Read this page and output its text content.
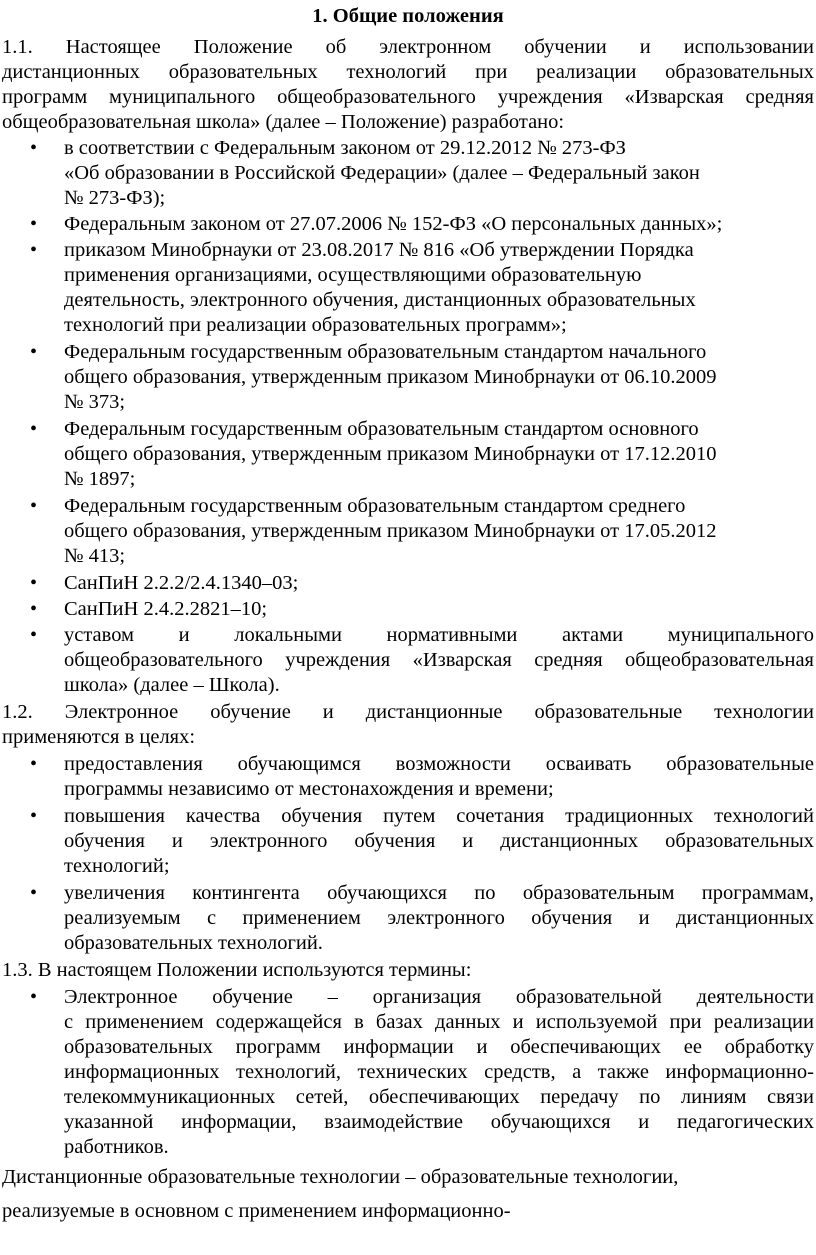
1. Общие положения
1.1. Настоящее Положение об электронном обучении и использовании
дистанционных образовательных технологий при реализации образовательных
программ муниципального общеобразовательного учреждения «Изварская средняя
общеобразовательная школа» (далее – Положение) разработано:
• в соответствии с Федеральным законом от 29.12.2012 № 273-ФЗ
«Об образовании в Российской Федерации» (далее – Федеральный закон
№ 273-ФЗ);
• Федеральным законом от 27.07.2006 № 152-ФЗ «О персональных данных»;
• приказом Минобрнауки от 23.08.2017 № 816 «Об утверждении Порядка
применения организациями, осуществляющими образовательную
деятельность, электронного обучения, дистанционных образовательных
технологий при реализации образовательных программ»;
• Федеральным государственным образовательным стандартом начального
общего образования, утвержденным приказом Минобрнауки от 06.10.2009
№ 373;
• Федеральным государственным образовательным стандартом основного
общего образования, утвержденным приказом Минобрнауки от 17.12.2010
№ 1897;
• Федеральным государственным образовательным стандартом среднего
общего образования, утвержденным приказом Минобрнауки от 17.05.2012
№ 413;
• СанПиН 2.2.2/2.4.1340–03;
• СанПиН 2.4.2.2821–10;
• уставом и локальными нормативными актами муниципального
общеобразовательного учреждения «Изварская средняя общеобразовательная
школа» (далее – Школа).
1.2. Электронное обучение и дистанционные образовательные технологии
применяются в целях:
• предоставления обучающимся возможности осваивать образовательные
программы независимо от местонахождения и времени;
• повышения качества обучения путем сочетания традиционных технологий
обучения и электронного обучения и дистанционных образовательных
технологий;
• увеличения контингента обучающихся по образовательным программам,
реализуемым с применением электронного обучения и дистанционных
образовательных технологий.
1.3. В настоящем Положении используются термины:
• Электронное обучение – организация образовательной деятельности
с применением содержащейся в базах данных и используемой при реализации
образовательных программ информации и обеспечивающих ее обработку
информационных технологий, технических средств, а также информационно-
телекоммуникационных сетей, обеспечивающих передачу по линиям связи
указанной информации, взаимодействие обучающихся и педагогических
работников.
Дистанционные образовательные технологии – образовательные технологии,
реализуемые в основном с применением информационно-
